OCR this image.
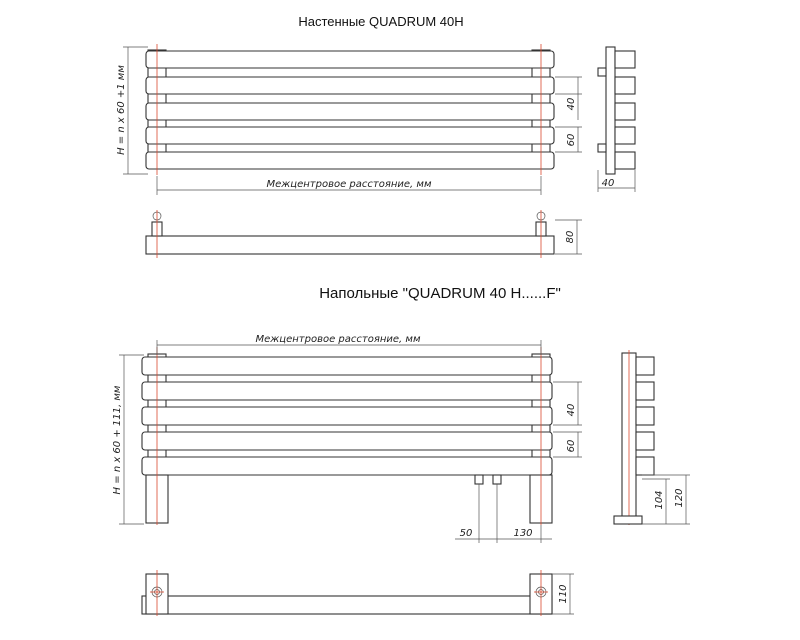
Настенные QUADRUM 40H
Напольные "QUADRUM 40 H......F"
H = n x 60 +1 мм
Межцентровое расстояние, мм
40
60
40
80
Межцентровое расстояние, мм
H = n x 60 + 111, мм	40
60
50	130
104 120
110
